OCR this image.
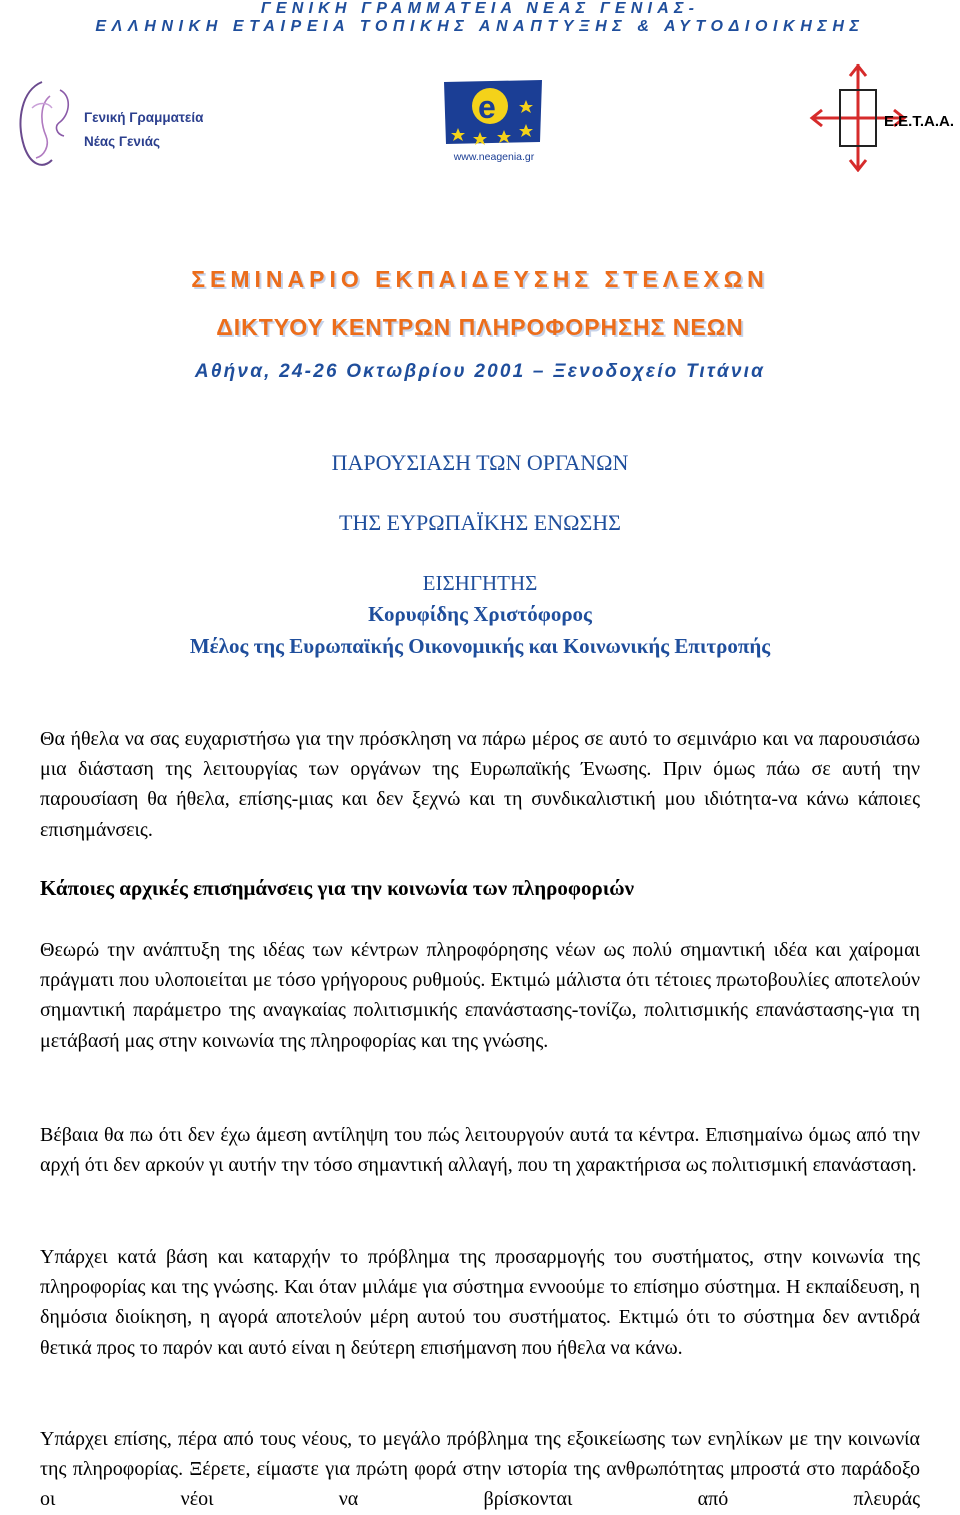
ΓΕΝΙΚΗ ΓΡΑΜΜΑΤΕΙΑ ΝΕΑΣ ΓΕΝΙΑΣ-
ΕΛΛΗΝΙΚΗ ΕΤΑΙΡΕΙΑ ΤΟΠΙΚΗΣ ΑΝΑΠΤΥΞΗΣ & ΑΥΤΟΔΙΟΙΚΗΣΗΣ
Γενική Γραμματεία
Νέας Γενιάς
e
www.neagenia.gr
Ε.Ε.Τ.Α.Α.
ΣΕΜΙΝΑΡΙΟ ΕΚΠΑΙΔΕΥΣΗΣ ΣΤΕΛΕΧΩΝ
ΔΙΚΤΥΟΥ ΚΕΝΤΡΩΝ ΠΛΗΡΟΦΟΡΗΣΗΣ ΝΕΩΝ
Αθήνα, 24-26 Οκτωβρίου 2001 – Ξενοδοχείο Τιτάνια
ΠΑΡΟΥΣΙΑΣΗ ΤΩΝ ΟΡΓΑΝΩΝ
ΤΗΣ ΕΥΡΩΠΑΪΚΗΣ ΕΝΩΣΗΣ
ΕΙΣΗΓΗΤΗΣ
Κορυφίδης Χριστόφορος
Μέλος της Ευρωπαϊκής Οικονομικής και Κοινωνικής Επιτροπής
Θα ήθελα να σας ευχαριστήσω για την πρόσκληση να πάρω μέρος σε αυτό το σεμινάριο και να παρουσιάσω μια διάσταση της λειτουργίας των οργάνων της Ευρωπαϊκής Ένωσης. Πριν όμως πάω σε αυτή την παρουσίαση θα ήθελα, επίσης-μιας και δεν ξεχνώ και τη συνδικαλιστική μου ιδιότητα-να κάνω κάποιες επισημάνσεις.
Κάποιες αρχικές επισημάνσεις για την κοινωνία των πληροφοριών
Θεωρώ την ανάπτυξη της ιδέας των κέντρων πληροφόρησης νέων ως πολύ σημαντική ιδέα και χαίρομαι πράγματι που υλοποιείται με τόσο γρήγορους ρυθμούς. Εκτιμώ μάλιστα ότι τέτοιες πρωτοβουλίες αποτελούν σημαντική παράμετρο της αναγκαίας πολιτισμικής επανάστασης-τονίζω, πολιτισμικής επανάστασης-για τη μετάβασή μας στην κοινωνία της πληροφορίας και της γνώσης.
Βέβαια θα πω ότι δεν έχω άμεση αντίληψη του πώς λειτουργούν αυτά τα κέντρα. Επισημαίνω όμως από την αρχή ότι δεν αρκούν γι αυτήν την τόσο σημαντική αλλαγή, που τη χαρακτήρισα ως πολιτισμική επανάσταση.
Υπάρχει κατά βάση και καταρχήν το πρόβλημα της προσαρμογής του συστήματος, στην κοινωνία της πληροφορίας και της γνώσης. Και όταν μιλάμε για σύστημα εννοούμε το επίσημο σύστημα. Η εκπαίδευση, η δημόσια διοίκηση, η αγορά αποτελούν μέρη αυτού του συστήματος. Εκτιμώ ότι το σύστημα δεν αντιδρά θετικά προς το παρόν και αυτό είναι η δεύτερη επισήμανση που ήθελα να κάνω.
Υπάρχει επίσης, πέρα από τους νέους, το μεγάλο πρόβλημα της εξοικείωσης των ενηλίκων με την κοινωνία της πληροφορίας. Ξέρετε, είμαστε για πρώτη φορά στην ιστορία της ανθρωπότητας μπροστά στο παράδοξο οι νέοι να βρίσκονται από πλευράς
